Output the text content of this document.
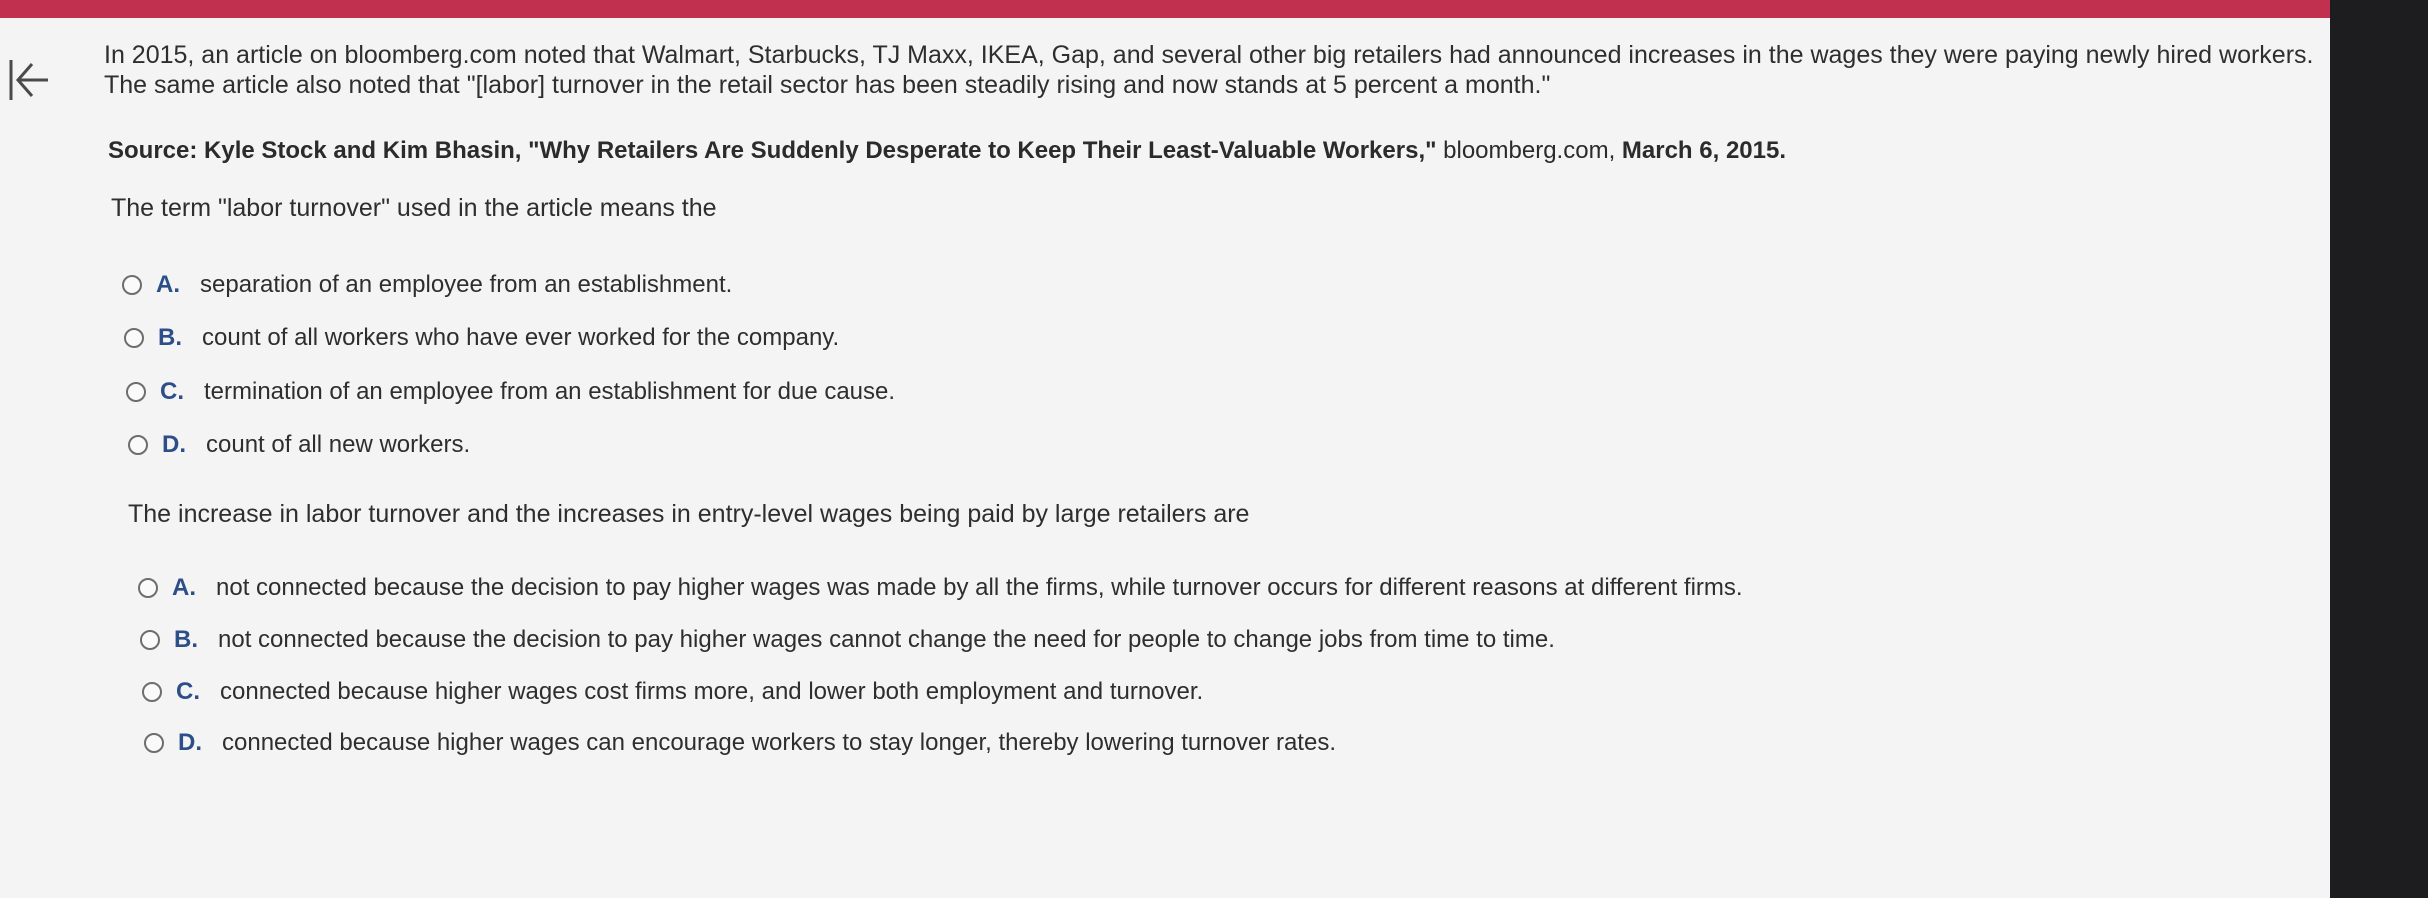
In 2015, an article on bloomberg.com noted that Walmart, Starbucks, TJ Maxx, IKEA, Gap, and several other big retailers had announced increases in the wages they were paying newly hired workers. The same article also noted that "[labor] turnover in the retail sector has been steadily rising and now stands at 5 percent a month."
Source: Kyle Stock and Kim Bhasin, "Why Retailers Are Suddenly Desperate to Keep Their Least-Valuable Workers," bloomberg.com, March 6, 2015.
The term "labor turnover" used in the article means the
A. separation of an employee from an establishment.
B. count of all workers who have ever worked for the company.
C. termination of an employee from an establishment for due cause.
D. count of all new workers.
The increase in labor turnover and the increases in entry-level wages being paid by large retailers are
A. not connected because the decision to pay higher wages was made by all the firms, while turnover occurs for different reasons at different firms.
B. not connected because the decision to pay higher wages cannot change the need for people to change jobs from time to time.
C. connected because higher wages cost firms more, and lower both employment and turnover.
D. connected because higher wages can encourage workers to stay longer, thereby lowering turnover rates.
